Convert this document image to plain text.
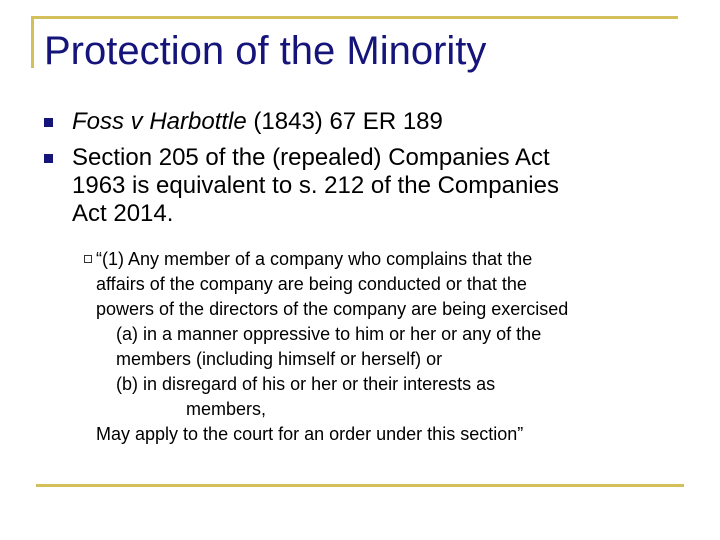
Protection of the Minority
Foss v Harbottle (1843) 67 ER 189
Section 205 of the (repealed) Companies Act
1963 is equivalent to s. 212 of the Companies
Act 2014.
“(1) Any member of a company who complains that the
affairs of the company are being conducted or that the
powers of the directors of the company are being exercised
(a) in a manner oppressive to him or her or any of the
members (including himself or herself) or
(b) in disregard of his or her or their interests as
members,
May apply to the court for an order under this section”
